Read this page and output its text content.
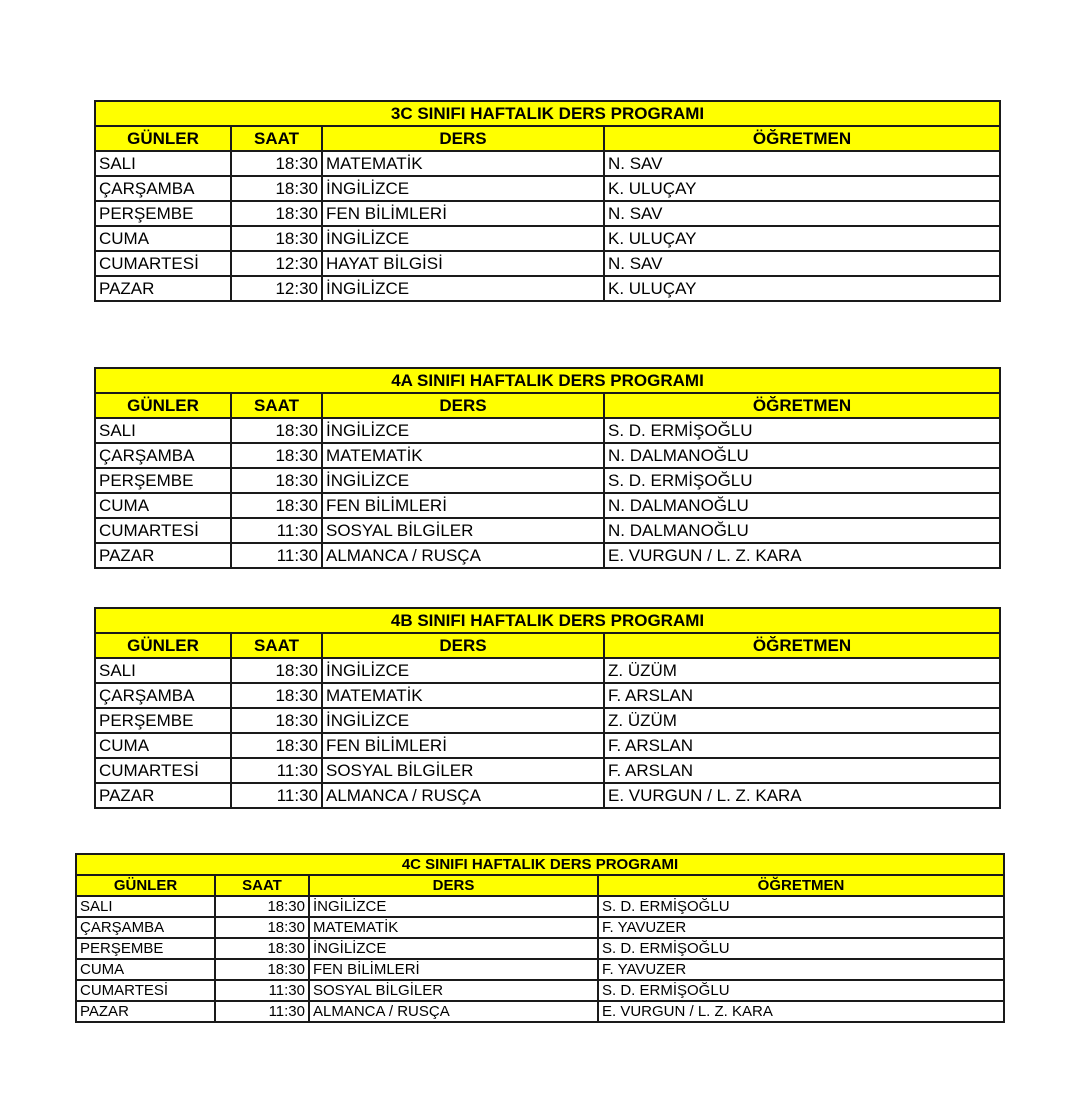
3C SINIFI HAFTALIK DERS PROGRAMI			
GÜNLER	SAAT	DERS	ÖĞRETMEN
SALI	18:30	MATEMATİK	N. SAV
ÇARŞAMBA	18:30	İNGİLİZCE	K. ULUÇAY
PERŞEMBE	18:30	FEN BİLİMLERİ	N. SAV
CUMA	18:30	İNGİLİZCE	K. ULUÇAY
CUMARTESİ	12:30	HAYAT BİLGİSİ	N. SAV
PAZAR	12:30	İNGİLİZCE	K. ULUÇAY
4A SINIFI HAFTALIK DERS PROGRAMI			
GÜNLER	SAAT	DERS	ÖĞRETMEN
SALI	18:30	İNGİLİZCE	S. D. ERMİŞOĞLU
ÇARŞAMBA	18:30	MATEMATİK	N. DALMANOĞLU
PERŞEMBE	18:30	İNGİLİZCE	S. D. ERMİŞOĞLU
CUMA	18:30	FEN BİLİMLERİ	N. DALMANOĞLU
CUMARTESİ	11:30	SOSYAL BİLGİLER	N. DALMANOĞLU
PAZAR	11:30	ALMANCA / RUSÇA	E. VURGUN / L. Z. KARA
4B SINIFI HAFTALIK DERS PROGRAMI			
GÜNLER	SAAT	DERS	ÖĞRETMEN
SALI	18:30	İNGİLİZCE	Z. ÜZÜM
ÇARŞAMBA	18:30	MATEMATİK	F. ARSLAN
PERŞEMBE	18:30	İNGİLİZCE	Z. ÜZÜM
CUMA	18:30	FEN BİLİMLERİ	F. ARSLAN
CUMARTESİ	11:30	SOSYAL BİLGİLER	F. ARSLAN
PAZAR	11:30	ALMANCA / RUSÇA	E. VURGUN / L. Z. KARA
4C SINIFI HAFTALIK DERS PROGRAMI			
GÜNLER	SAAT	DERS	ÖĞRETMEN
SALI	18:30	İNGİLİZCE	S. D. ERMİŞOĞLU
ÇARŞAMBA	18:30	MATEMATİK	F. YAVUZER
PERŞEMBE	18:30	İNGİLİZCE	S. D. ERMİŞOĞLU
CUMA	18:30	FEN BİLİMLERİ	F. YAVUZER
CUMARTESİ	11:30	SOSYAL BİLGİLER	S. D. ERMİŞOĞLU
PAZAR	11:30	ALMANCA / RUSÇA	E. VURGUN / L. Z. KARA
